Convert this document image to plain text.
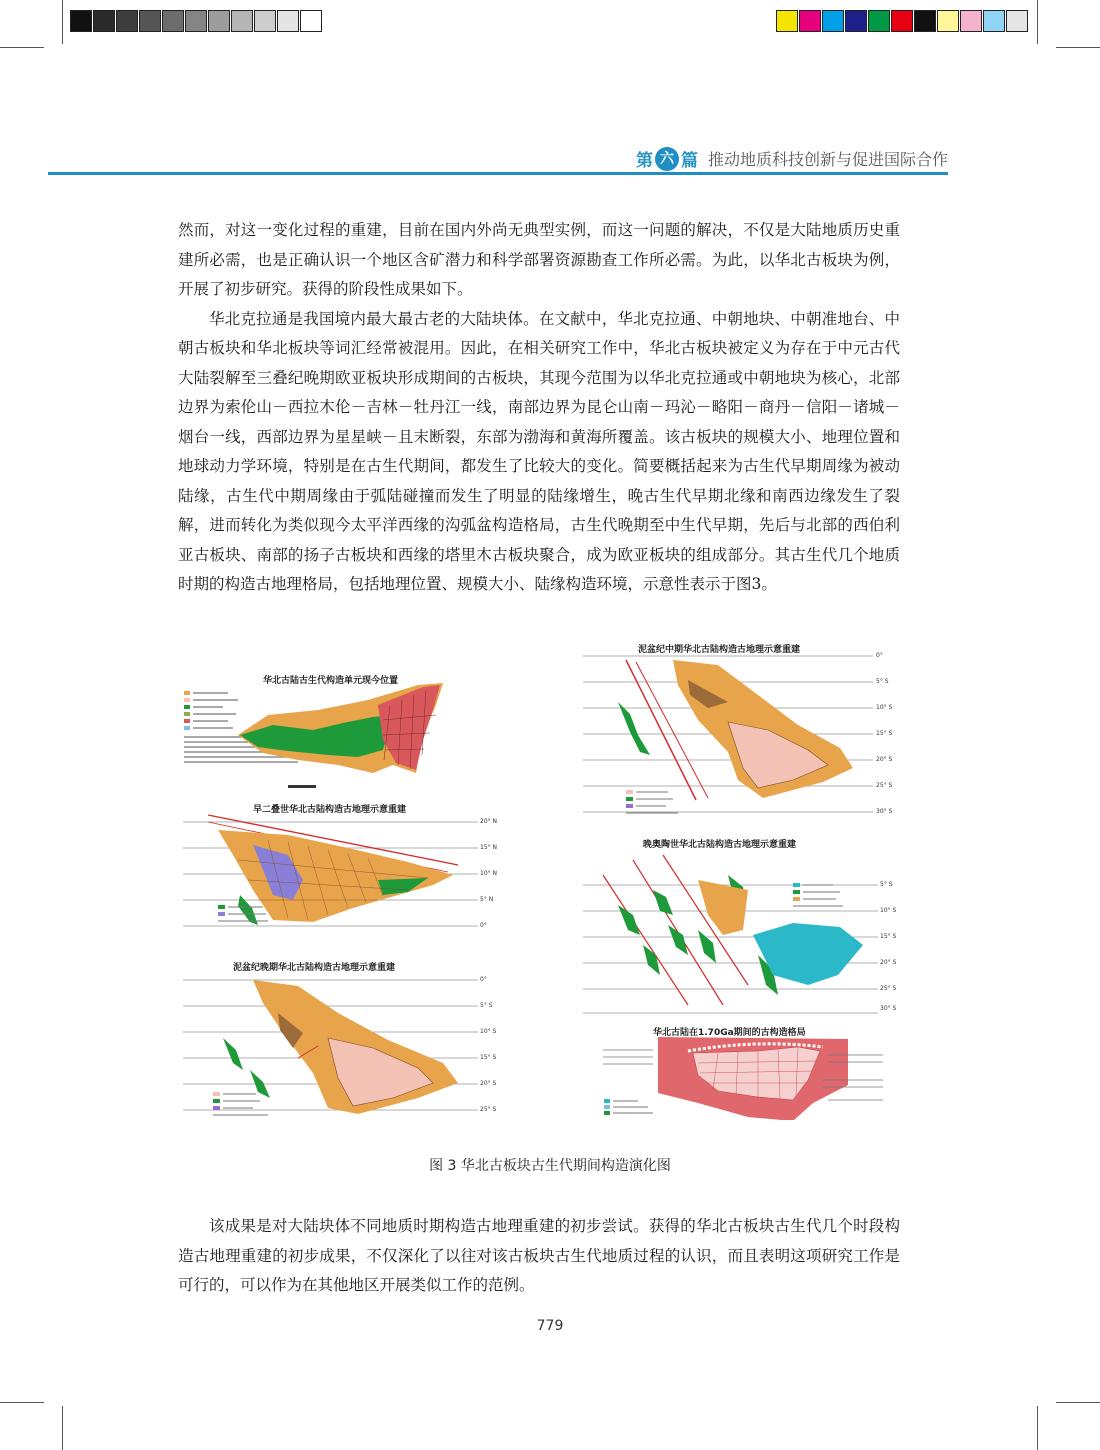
第 六 篇 推动地质科技创新与促进国际合作

然而，对这一变化过程的重建，目前在国内外尚无典型实例，而这一问题的解决，不仅是大陆地质历史重建所必需，也是正确认识一个地区含矿潜力和科学部署资源勘查工作所必需。为此，以华北古板块为例，开展了初步研究。获得的阶段性成果如下。

华北克拉通是我国境内最大最古老的大陆块体。在文献中，华北克拉通、中朝地块、中朝准地台、中朝古板块和华北板块等词汇经常被混用。因此，在相关研究工作中，华北古板块被定义为存在于中元古代大陆裂解至三叠纪晚期欧亚板块形成期间的古板块，其现今范围为以华北克拉通或中朝地块为核心，北部边界为索伦山－西拉木伦－吉林－牡丹江一线，南部边界为昆仑山南－玛沁－略阳－商丹－信阳－诸城－烟台一线，西部边界为星星峡－且末断裂，东部为渤海和黄海所覆盖。该古板块的规模大小、地理位置和地球动力学环境，特别是在古生代期间，都发生了比较大的变化。简要概括起来为古生代早期周缘为被动陆缘，古生代中期周缘由于弧陆碰撞而发生了明显的陆缘增生，晚古生代早期北缘和南西边缘发生了裂解，进而转化为类似现今太平洋西缘的沟弧盆构造格局，古生代晚期至中生代早期，先后与北部的西伯利亚古板块、南部的扬子古板块和西缘的塔里木古板块聚合，成为欧亚板块的组成部分。其古生代几个地质时期的构造古地理格局，包括地理位置、规模大小、陆缘构造环境，示意性表示于图3。

华北古陆古生代构造单元现今位置
泥盆纪中期华北古陆构造古地理示意重建
0°
5° S
10° S
15° S
20° S
25° S
30° S
早二叠世华北古陆构造古地理示意重建
20° N
15° N
10° N
5° N
0°
晚奥陶世华北古陆构造古地理示意重建
5° S
10° S
15° S
20° S
25° S
30° S
泥盆纪晚期华北古陆构造古地理示意重建
0°
5° S
10° S
15° S
20° S
25° S
华北古陆在1.70Ga期间的古构造格局
图 3 华北古板块古生代期间构造演化图

该成果是对大陆块体不同地质时期构造古地理重建的初步尝试。获得的华北古板块古生代几个时段构造古地理重建的初步成果，不仅深化了以往对该古板块古生代地质过程的认识，而且表明这项研究工作是可行的，可以作为在其他地区开展类似工作的范例。

779
